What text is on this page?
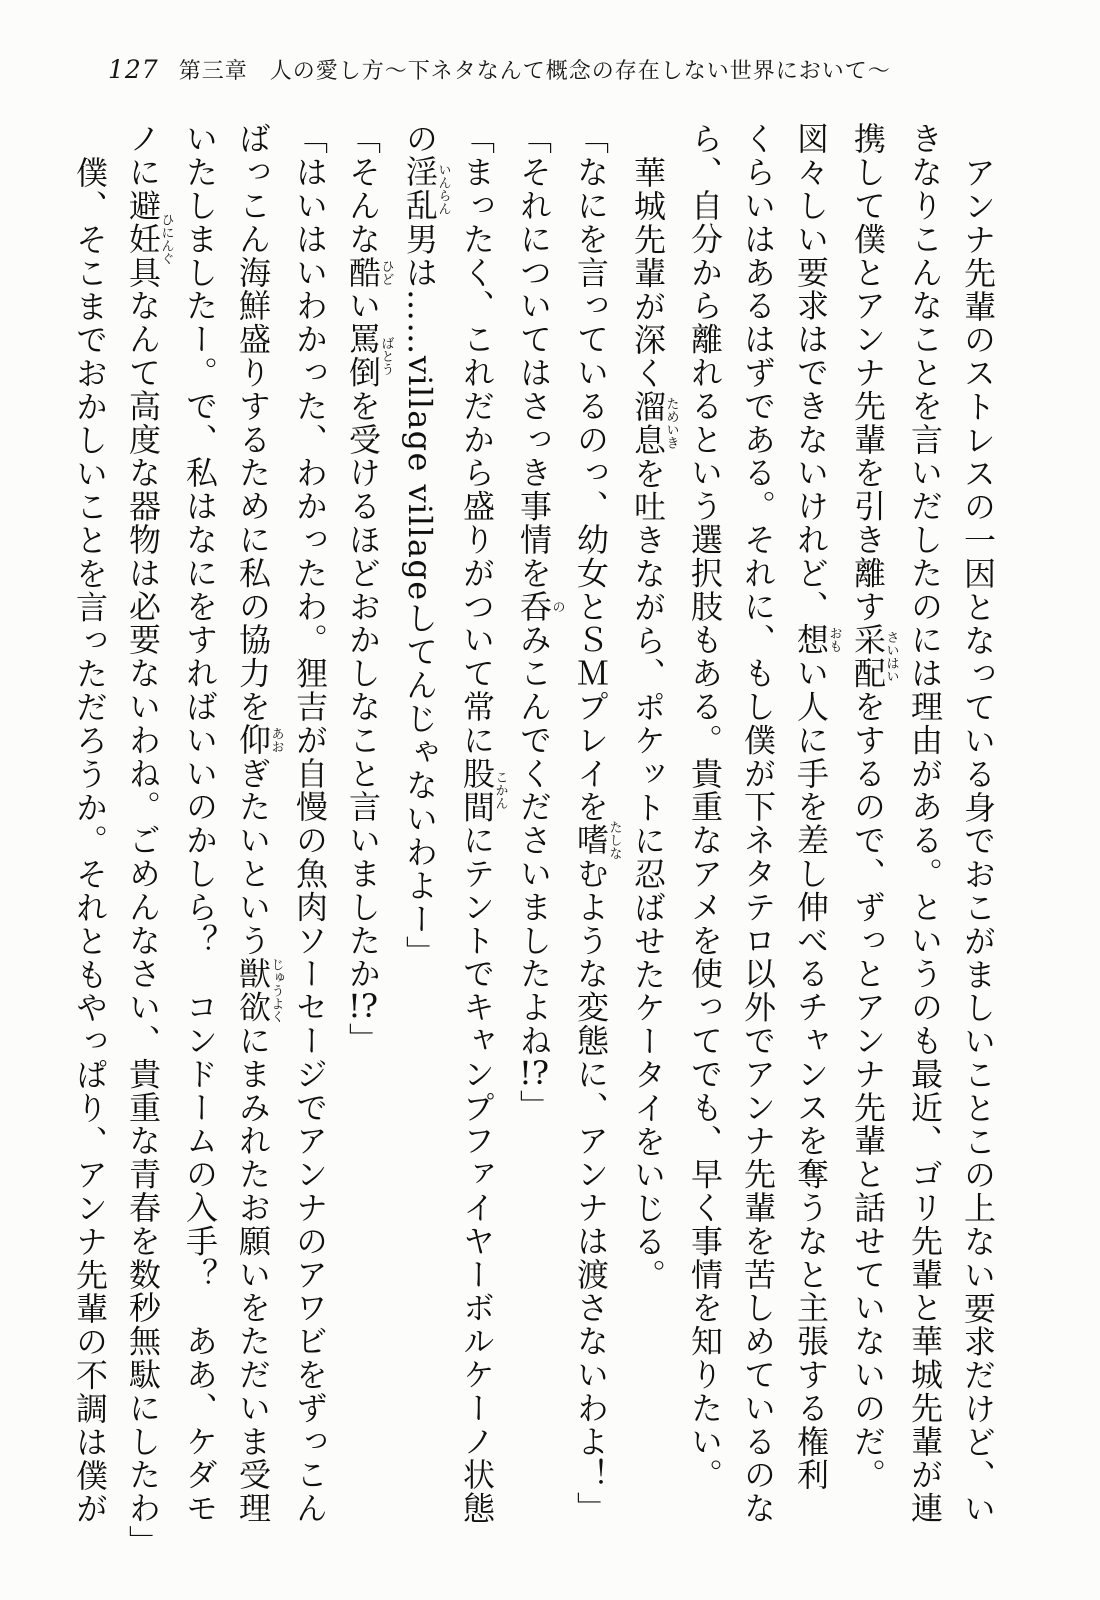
127 第三章 人の愛し方～下ネタなんて概念の存在しない世界において～

アンナ先輩のストレスの一因となっている身でおこがましいことこの上ない要求だけど、い

きなりこんなことを言いだしたのには理由がある。というのも最近、ゴリ先輩と華城先輩が連

携して僕とアンナ先輩を引き離す采配さいはいをするので、ずっとアンナ先輩と話せていないのだ。

図々しい要求はできないけれど、想おもい人に手を差し伸べるチャンスを奪うなと主張する権利

くらいはあるはずである。それに、もし僕が下ネタテロ以外でアンナ先輩を苦しめているのな

ら、自分から離れるという選択肢もある。貴重なアメを使ってでも、早く事情を知りたい。

華城先輩が深く溜息ためいきを吐きながら、ポケットに忍ばせたケータイをいじる。

「なにを言っているのっ、幼女とＳＭプレイを嗜たしなむような変態に、アンナは渡さないわよ！」

「それについてはさっき事情を呑のみこんでくださいましたよね!?」

「まったく、これだから盛りがついて常に股間こかんにテントでキャンプファイヤーボルケーノ状態

の淫乱いんらん男は……village villageしてんじゃないわよー」

「そんな酷ひどい罵倒ばとうを受けるほどおかしなこと言いましたか!?」

「はいはいわかった、わかったわ。狸吉が自慢の魚肉ソーセージでアンナのアワビをずっこん

ばっこん海鮮盛りするために私の協力を仰あおぎたいという獣欲じゅうよくにまみれたお願いをただいま受理

いたしましたー。で、私はなにをすればいいのかしら？　コンドームの入手？　ああ、ケダモ

ノに避妊具ひにんぐなんて高度な器物は必要ないわね。ごめんなさい、貴重な青春を数秒無駄にしたわ」

僕、そこまでおかしいことを言っただろうか。それともやっぱり、アンナ先輩の不調は僕が
